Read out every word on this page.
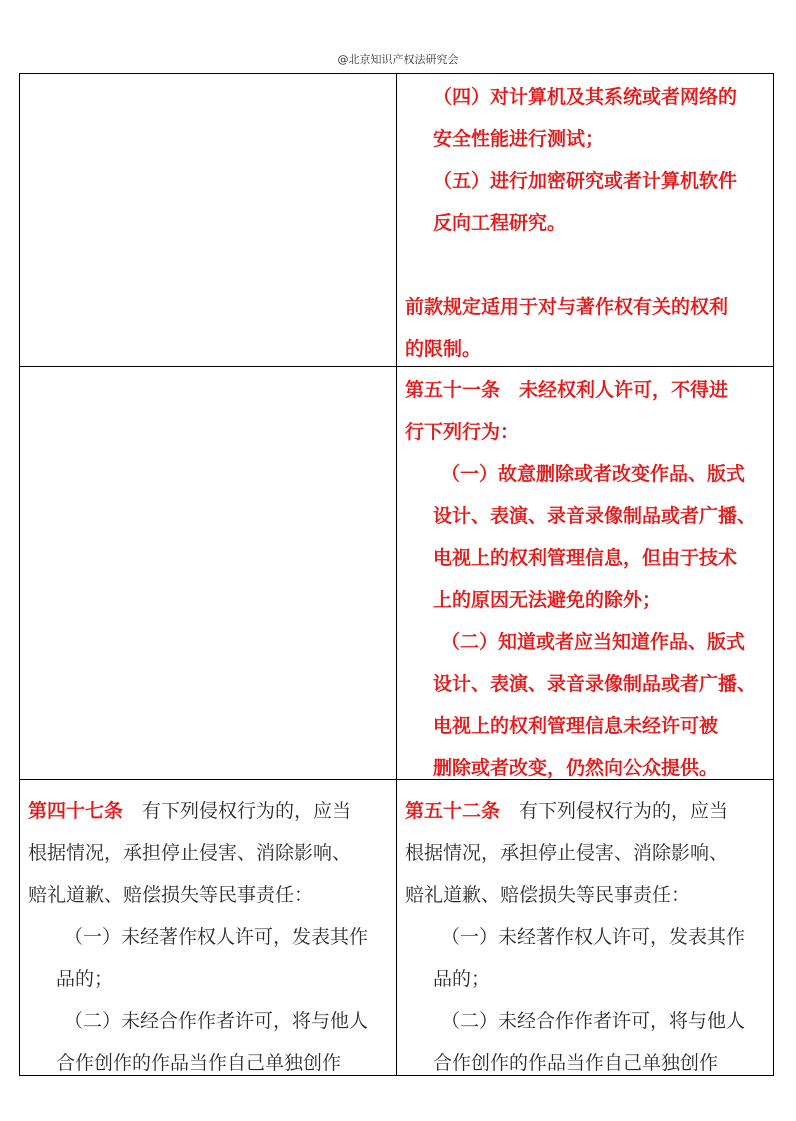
@北京知识产权法研究会

（四）对计算机及其系统或者网络的

安全性能进行测试；

（五）进行加密研究或者计算机软件

反向工程研究。

前款规定适用于对与著作权有关的权利

的限制。

第五十一条　未经权利人许可，不得进

行下列行为：

（一）故意删除或者改变作品、版式

设计、表演、录音录像制品或者广播、

电视上的权利管理信息，但由于技术

上的原因无法避免的除外；

（二）知道或者应当知道作品、版式

设计、表演、录音录像制品或者广播、

电视上的权利管理信息未经许可被

删除或者改变，仍然向公众提供。

第四十七条　有下列侵权行为的，应当

根据情况，承担停止侵害、消除影响、

赔礼道歉、赔偿损失等民事责任：

（一）未经著作权人许可，发表其作

品的；

（二）未经合作作者许可，将与他人

合作创作的作品当作自己单独创作

第五十二条　有下列侵权行为的，应当

根据情况，承担停止侵害、消除影响、

赔礼道歉、赔偿损失等民事责任：

（一）未经著作权人许可，发表其作

品的；

（二）未经合作作者许可，将与他人

合作创作的作品当作自己单独创作
